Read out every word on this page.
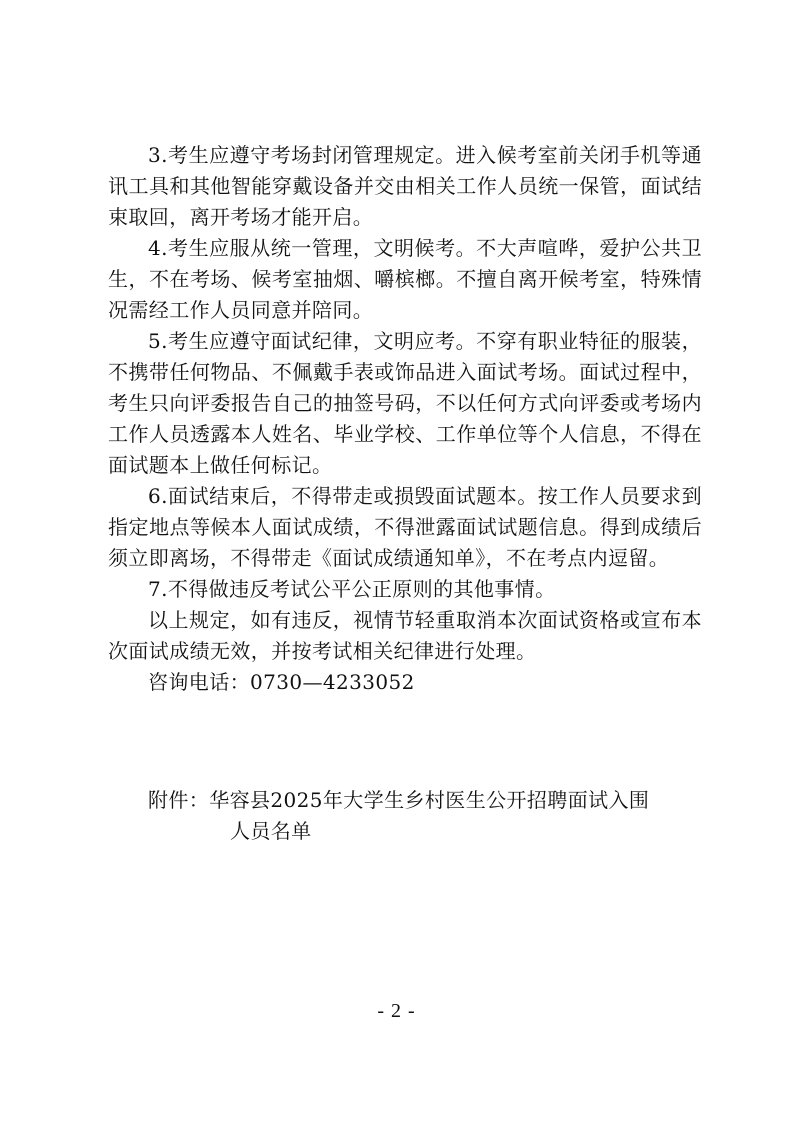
3.考生应遵守考场封闭管理规定。进入候考室前关闭手机等通讯工具和其他智能穿戴设备并交由相关工作人员统一保管，面试结束取回，离开考场才能开启。

4.考生应服从统一管理，文明候考。不大声喧哗，爱护公共卫生，不在考场、候考室抽烟、嚼槟榔。不擅自离开候考室，特殊情况需经工作人员同意并陪同。

5.考生应遵守面试纪律，文明应考。不穿有职业特征的服装，不携带任何物品、不佩戴手表或饰品进入面试考场。面试过程中，考生只向评委报告自己的抽签号码，不以任何方式向评委或考场内工作人员透露本人姓名、毕业学校、工作单位等个人信息，不得在面试题本上做任何标记。

6.面试结束后，不得带走或损毁面试题本。按工作人员要求到指定地点等候本人面试成绩，不得泄露面试试题信息。得到成绩后须立即离场，不得带走《面试成绩通知单》，不在考点内逗留。

7.不得做违反考试公平公正原则的其他事情。

以上规定，如有违反，视情节轻重取消本次面试资格或宣布本次面试成绩无效，并按考试相关纪律进行处理。

咨询电话：0730—4233052

附件：华容县2025年大学生乡村医生公开招聘面试入围
人员名单
- 2 -
